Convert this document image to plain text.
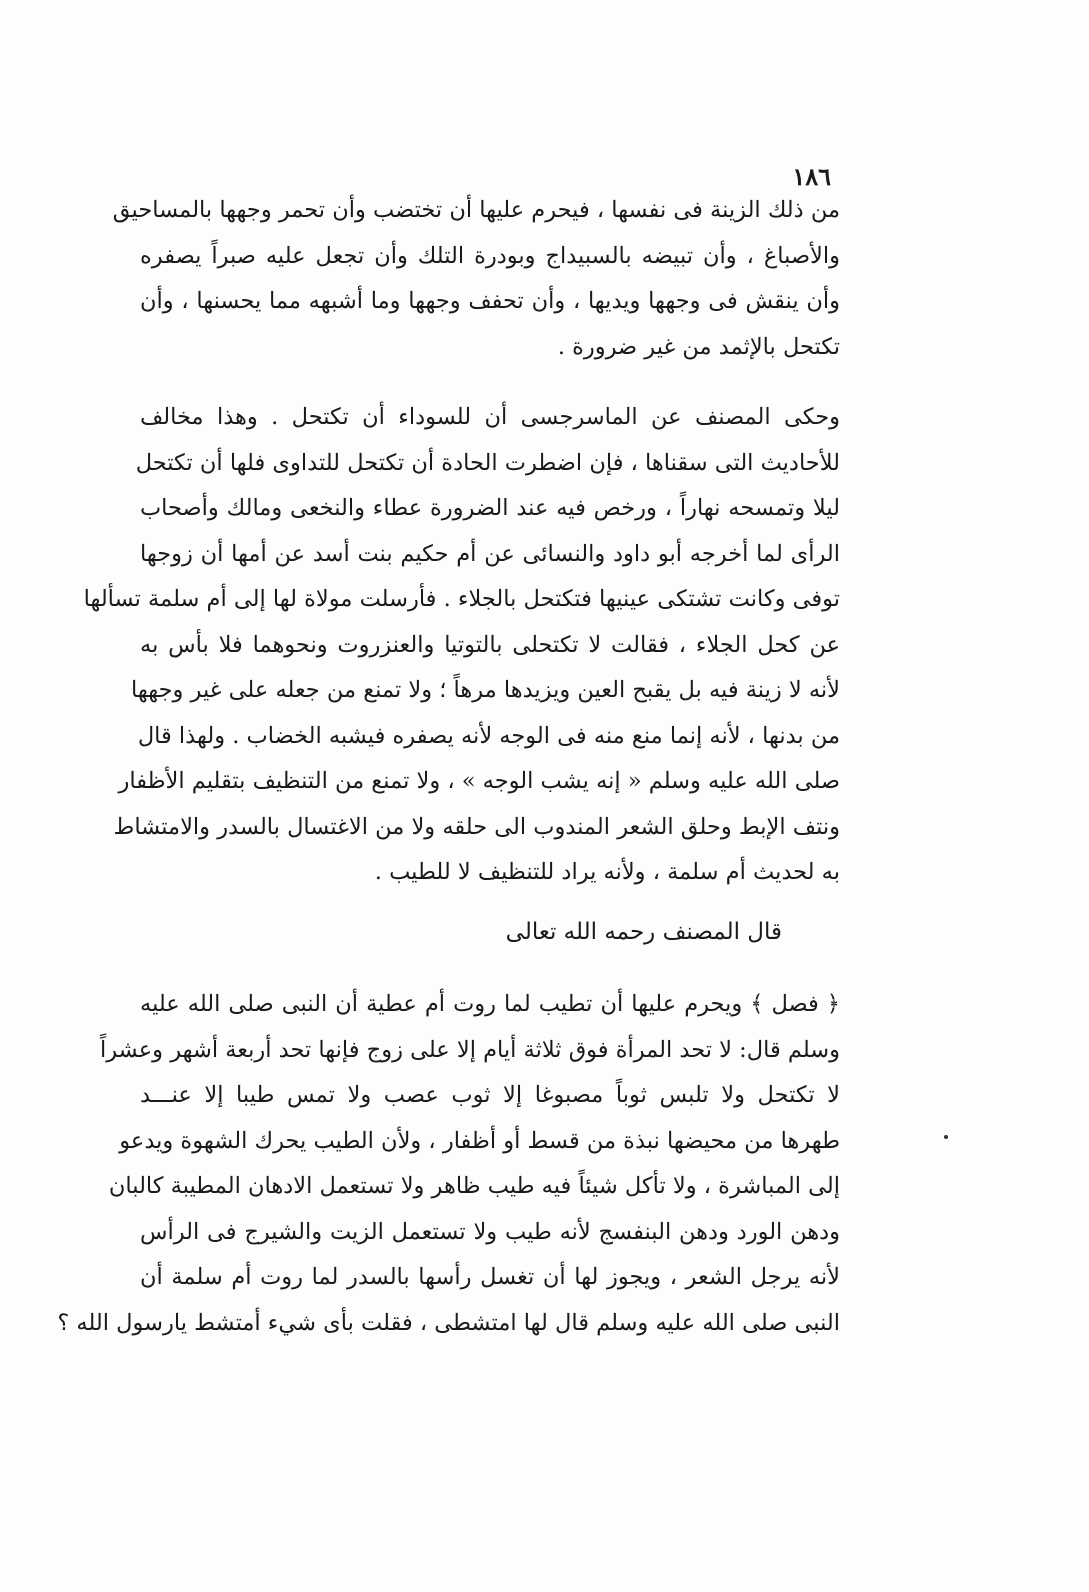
١٨٦
من ذلك الزينة فى نفسها ، فيحرم عليها أن تختضب وأن تحمر وجهها بالمساحيق
والأصباغ ، وأن تبيضه بالسبيداج وبودرة التلك وأن تجعل عليه صبراً يصفره
وأن ينقش فى وجهها ويديها ، وأن تحفف وجهها وما أشبهه مما يحسنها ، وأن
تكتحل بالإثمد من غير ضرورة .
وحكى المصنف عن الماسرجسى أن للسوداء أن تكتحل . وهذا مخالف
للأحاديث التى سقناها ، فإن اضطرت الحادة أن تكتحل للتداوى فلها أن تكتحل
ليلا وتمسحه نهاراً ، ورخص فيه عند الضرورة عطاء والنخعى ومالك وأصحاب
الرأى لما أخرجه أبو داود والنسائى عن أم حكيم بنت أسد عن أمها أن زوجها
توفى وكانت تشتكى عينيها فتكتحل بالجلاء . فأرسلت مولاة لها إلى أم سلمة تسألها
عن كحل الجلاء ، فقالت لا تكتحلى بالتوتيا والعنزروت ونحوهما فلا بأس به
لأنه لا زينة فيه بل يقبح العين ويزيدها مرهاً ؛ ولا تمنع من جعله على غير وجهها
من بدنها ، لأنه إنما منع منه فى الوجه لأنه يصفره فيشبه الخضاب . ولهذا قال
صلى الله عليه وسلم « إنه يشب الوجه » ، ولا تمنع من التنظيف بتقليم الأظفار
ونتف الإبط وحلق الشعر المندوب الى حلقه ولا من الاغتسال بالسدر والامتشاط
به لحديث أم سلمة ، ولأنه يراد للتنظيف لا للطيب .
قال المصنف رحمه الله تعالى
﴿ فصل ﴾ ويحرم عليها أن تطيب لما روت أم عطية أن النبى صلى الله عليه
وسلم قال: لا تحد المرأة فوق ثلاثة أيام إلا على زوج فإنها تحد أربعة أشهر وعشراً
لا تكتحل ولا تلبس ثوباً مصبوغا إلا ثوب عصب ولا تمس طيبا إلا عنـــد
طهرها من محيضها نبذة من قسط أو أظفار ، ولأن الطيب يحرك الشهوة ويدعو
إلى المباشرة ، ولا تأكل شيئاً فيه طيب ظاهر ولا تستعمل الادهان المطيبة كالبان
ودهن الورد ودهن البنفسج لأنه طيب ولا تستعمل الزيت والشيرج فى الرأس
لأنه يرجل الشعر ، ويجوز لها أن تغسل رأسها بالسدر لما روت أم سلمة أن
النبى صلى الله عليه وسلم قال لها امتشطى ، فقلت بأى شيء أمتشط يارسول الله ؟
